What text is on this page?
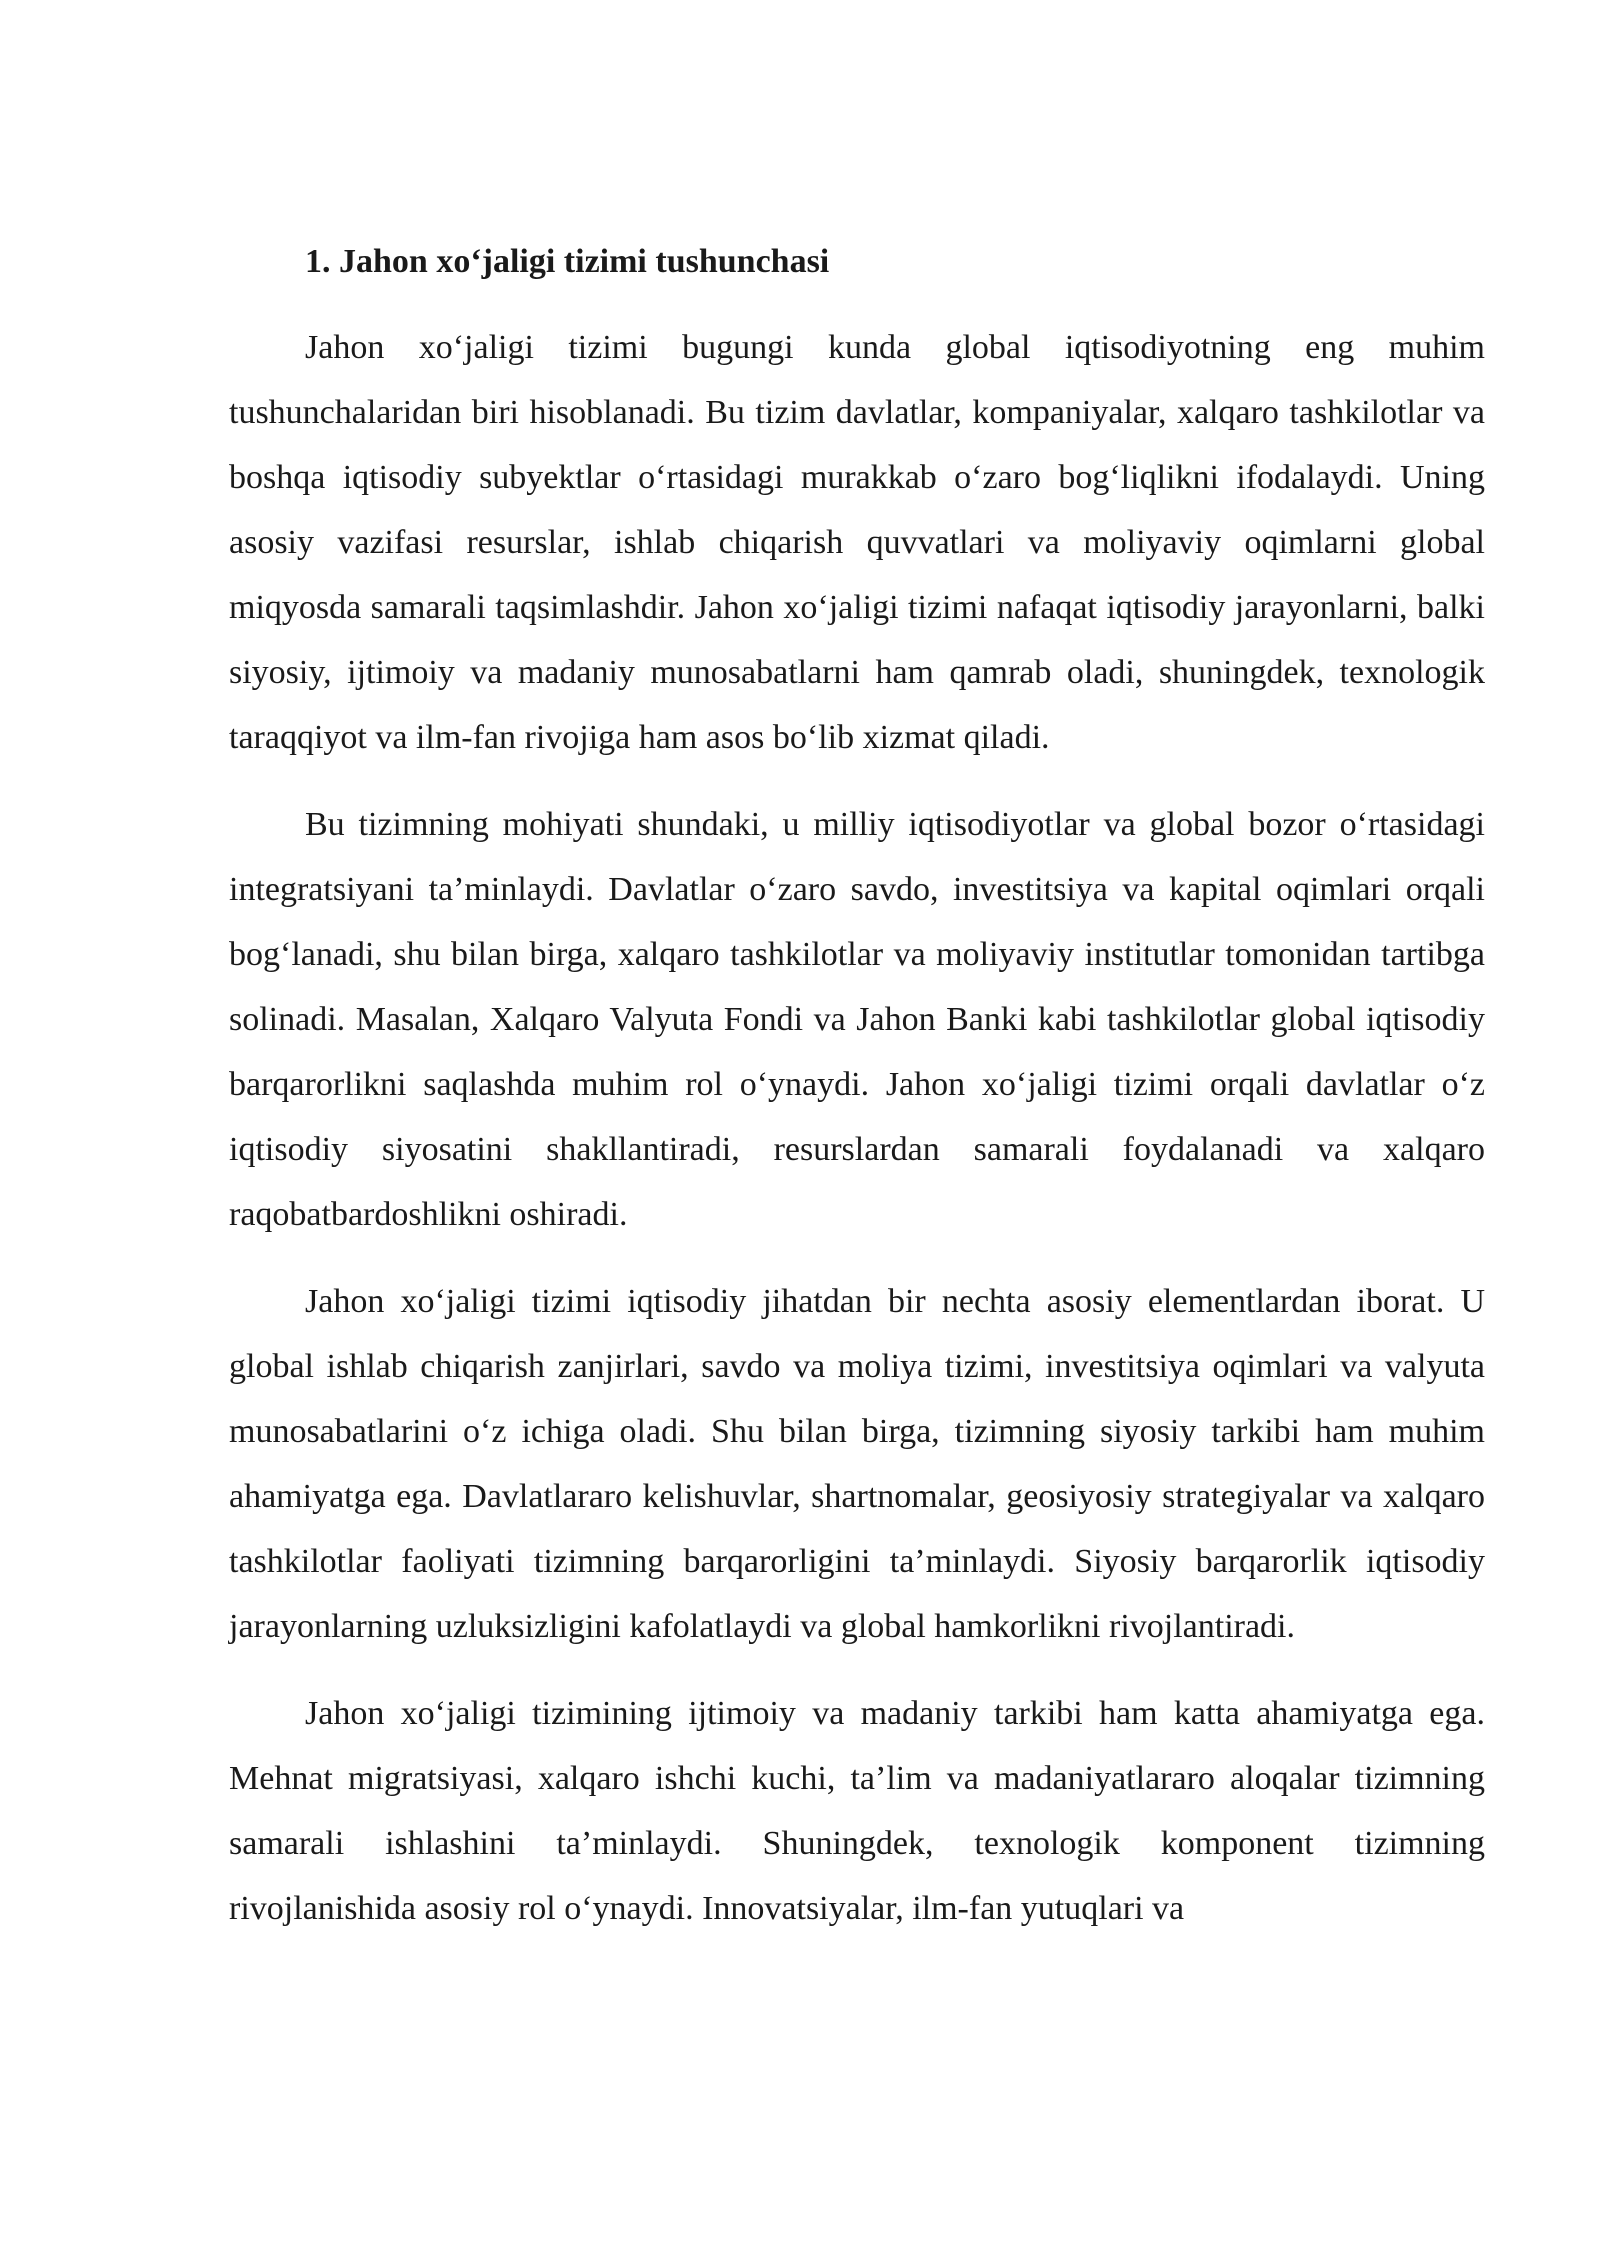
1. Jahon xo‘jaligi tizimi tushunchasi

Jahon xo‘jaligi tizimi bugungi kunda global iqtisodiyotning eng muhim tushunchalaridan biri hisoblanadi. Bu tizim davlatlar, kompaniyalar, xalqaro tashkilotlar va boshqa iqtisodiy subyektlar o‘rtasidagi murakkab o‘zaro bog‘liqlikni ifodalaydi. Uning asosiy vazifasi resurslar, ishlab chiqarish quvvatlari va moliyaviy oqimlarni global miqyosda samarali taqsimlashdir. Jahon xo‘jaligi tizimi nafaqat iqtisodiy jarayonlarni, balki siyosiy, ijtimoiy va madaniy munosabatlarni ham qamrab oladi, shuningdek, texnologik taraqqiyot va ilm-fan rivojiga ham asos bo‘lib xizmat qiladi.

Bu tizimning mohiyati shundaki, u milliy iqtisodiyotlar va global bozor o‘rtasidagi integratsiyani ta’minlaydi. Davlatlar o‘zaro savdo, investitsiya va kapital oqimlari orqali bog‘lanadi, shu bilan birga, xalqaro tashkilotlar va moliyaviy institutlar tomonidan tartibga solinadi. Masalan, Xalqaro Valyuta Fondi va Jahon Banki kabi tashkilotlar global iqtisodiy barqarorlikni saqlashda muhim rol o‘ynaydi. Jahon xo‘jaligi tizimi orqali davlatlar o‘z iqtisodiy siyosatini shakllantiradi, resurslardan samarali foydalanadi va xalqaro raqobatbardoshlikni oshiradi.

Jahon xo‘jaligi tizimi iqtisodiy jihatdan bir nechta asosiy elementlardan iborat. U global ishlab chiqarish zanjirlari, savdo va moliya tizimi, investitsiya oqimlari va valyuta munosabatlarini o‘z ichiga oladi. Shu bilan birga, tizimning siyosiy tarkibi ham muhim ahamiyatga ega. Davlatlararo kelishuvlar, shartnomalar, geosiyosiy strategiyalar va xalqaro tashkilotlar faoliyati tizimning barqarorligini ta’minlaydi. Siyosiy barqarorlik iqtisodiy jarayonlarning uzluksizligini kafolatlaydi va global hamkorlikni rivojlantiradi.

Jahon xo‘jaligi tizimining ijtimoiy va madaniy tarkibi ham katta ahamiyatga ega. Mehnat migratsiyasi, xalqaro ishchi kuchi, ta’lim va madaniyatlararo aloqalar tizimning samarali ishlashini ta’minlaydi. Shuningdek, texnologik komponent tizimning rivojlanishida asosiy rol o‘ynaydi. Innovatsiyalar, ilm-fan yutuqlari va
